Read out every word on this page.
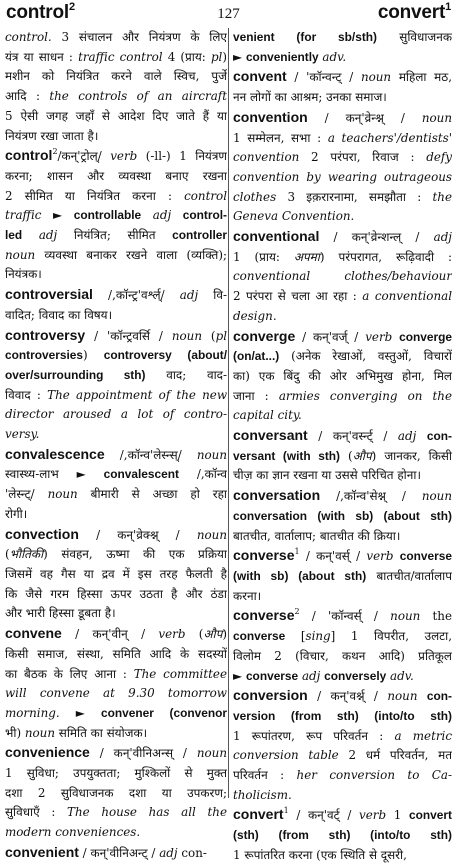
control$^2$	127	convert$^1$
control. 3 संचालन और नियंत्रण के लिए
यंत्र या साधन : traffic control 4 (प्राय: pl)
मशीन को नियंत्रित करने वाले स्विच, पुर्जे
आदि : the controls of an aircraft
5 ऐसी जगह जहाँ से आदेश दिए जाते हैं या
नियंत्रण रखा जाता है।
control$^2$/कन्'ट्रोल्/ verb (-ll-) 1 नियंत्रण
करना; शासन और व्यवस्था बनाए रखना
2 सीमित या नियंत्रित करना : control
traffic ► controllable adj control-
led adj नियंत्रित; सीमित controller
noun व्यवस्था बनाकर रखने वाला (व्यक्ति);
नियंत्रक।
controversial /,कॉन्ट्र'वर्श्ल्/ adj वि-
वादित; विवाद का विषय।
controversy / 'कॉन्ट्रवर्सि / noun (pl
controversies) controversy (about/
over/surrounding sth) वाद; वाद-
विवाद : The appointment of the new
director aroused a lot of contro-
versy.
convalescence /,कॉन्व'लेस्न्स्/ noun
स्वास्थ्य-लाभ ► convalescent /,कॉन्व
'लेस्न्ट्/ noun बीमारी से अच्छा हो रहा
रोगी।
convection / कन्'व्रेक्श्न् / noun
(भौतिकी) संवहन, ऊष्मा की एक प्रक्रिया
जिसमें वह गैस या द्रव में इस तरह फैलती है
कि जैसे गरम हिस्सा ऊपर उठता है और ठंडा
और भारी हिस्सा डूबता है।
convene / कन्'वीन् / verb (औप)
किसी समाज, संस्था, समिति आदि के सदस्यों
का बैठक के लिए आना : The committee
will convene at 9.30 tomorrow
morning. ► convener (convenor
भी) noun समिति का संयोजक।
convenience / कन्'वीनिअन्स् / noun
1 सुविधा; उपयुक्तता; मुश्किलों से मुक्त
दशा 2 सुविधाजनक दशा या उपकरण;
सुविधाएँ : The house has all the
modern conveniences.
convenient / कन्'वीनिअन्ट् / adj con-
venient (for sb/sth) सुविधाजनक
► conveniently adv.
convent / 'कॉन्वन्ट् / noun महिला मठ,
नन लोगों का आश्रम; उनका समाज।
convention / कन्'व्रेन्श्न् / noun
1 सम्मेलन, सभा : a teachers'/dentists'
convention 2 परंपरा, रिवाज : defy
convention by wearing outrageous
clothes 3 इक़रारनामा, समझौता : the
Geneva Convention.
conventional / कन्'व्रेन्शन्ल् / adj
1 (प्राय: अपमा) परंपरागत, रूढ़िवादी :
conventional clothes/behaviour
2 परंपरा से चला आ रहा : a conventional
design.
converge / कन्'वर्ज् / verb converge
(on/at...) (अनेक रेखाओं, वस्तुओं, विचारों
का) एक बिंदु की ओर अभिमुख होना, मिल
जाना : armies converging on the
capital city.
conversant / कन्'वर्स्न्ट् / adj con-
versant (with sth) (औप) जानकर, किसी
चीज़ का ज्ञान रखना या उससे परिचित होना।
conversation /,कॉन्व'सेश्न् / noun
conversation (with sb) (about sth)
बातचीत, वार्तालाप; बातचीत की क्रिया।
converse$^1$ / कन्'वर्स् / verb converse
(with sb) (about sth) बातचीत/वार्तालाप
करना।
converse$^2$ / 'कॉन्वर्स् / noun the
converse [sing] 1 विपरीत, उलटा,
विलोम 2 (विचार, कथन आदि) प्रतिकूल
► converse adj conversely adv.
conversion / कन्'वर्श्न् / noun con-
version (from sth) (into/to sth)
1 रूपांतरण, रूप परिवर्तन : a metric
conversion table 2 धर्म परिवर्तन, मत
परिवर्तन : her conversion to Ca-
tholicism.
convert$^1$ / कन्'वर्ट् / verb 1 convert
(sth) (from sth) (into/to sth)
1 रूपांतरित करना (एक स्थिति से दूसरी,
